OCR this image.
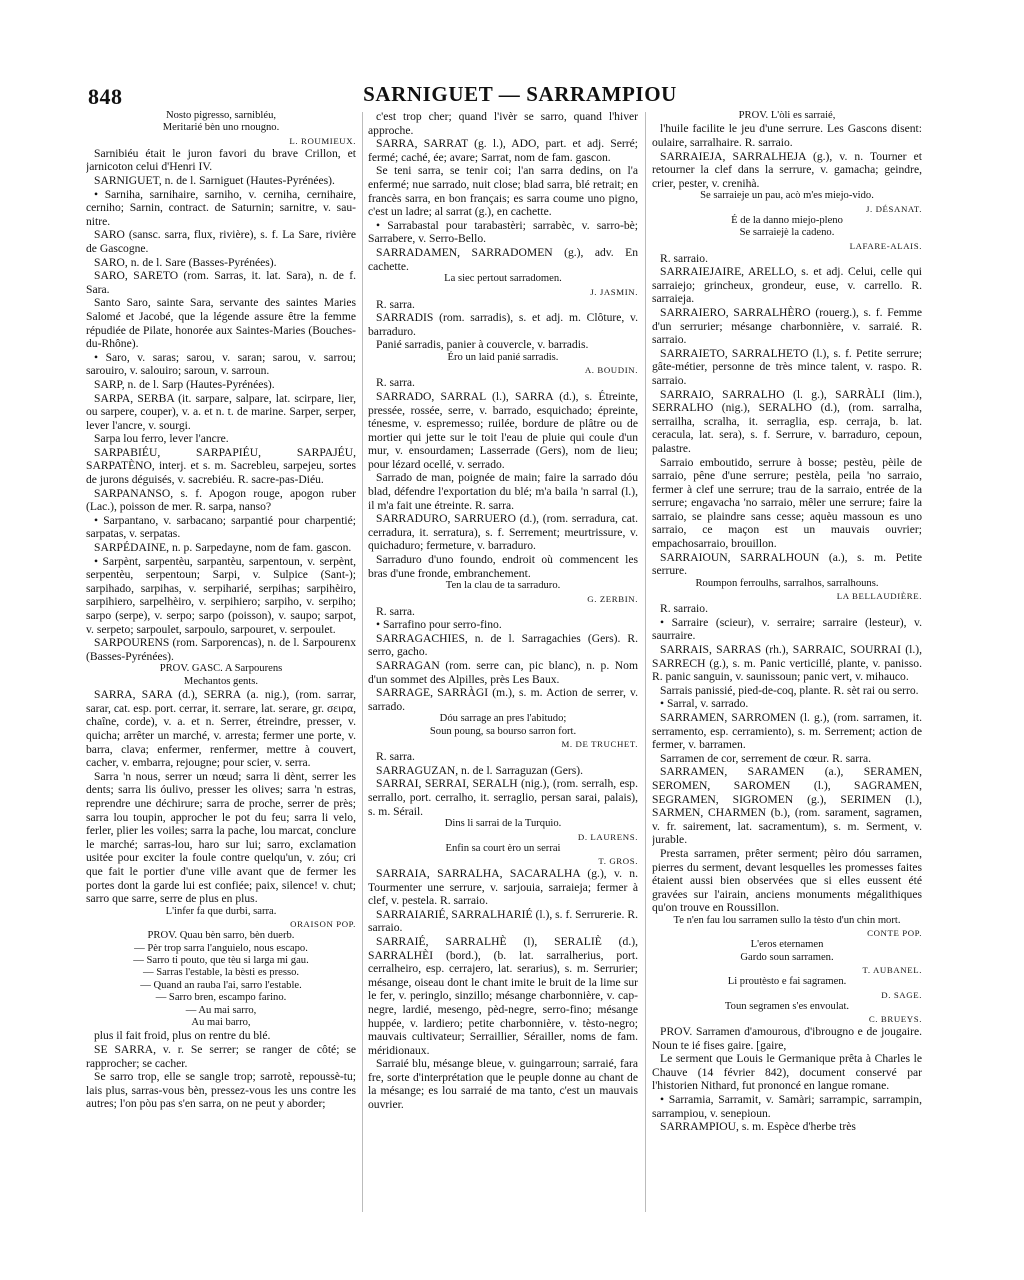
848	SARNIGUET — SARRAMPIOU

Nosto pigresso, sarnibléu,

Meritarié bèn uno rnougno.

L. ROUMIEUX.

Sarnibiéu était le juron favori du brave Crillon, et jarnicoton celui d'Henri IV.

SARNIGUET, n. de l. Sarniguet (Hautes-Pyrénées).

• Sarniha, sarnihaire, sarniho, v. cerniha, cernihaire, cerniho; Sarnin, contract. de Saturnin; sarnitre, v. sau-nitre.

SARO (sansc. sarra, flux, rivière), s. f. La Sare, rivière de Gascogne.

SARO, n. de l. Sare (Basses-Pyrénées).

SARO, SARETO (rom. Sarras, it. lat. Sara), n. de f. Sara.

Santo Saro, sainte Sara, servante des saintes Maries Salomé et Jacobé, que la légende assure être la femme répudiée de Pilate, honorée aux Saintes-Maries (Bouches-du-Rhône).

• Saro, v. saras; sarou, v. saran; sarou, v. sarrou; sarouiro, v. salouiro; saroun, v. sarroun.

SARP, n. de l. Sarp (Hautes-Pyrénées).

SARPA, SERBA (it. sarpare, salpare, lat. scirpare, lier, ou sarpere, couper), v. a. et n. t. de marine. Sarper, serper, lever l'ancre, v. sourgi.

Sarpa lou ferro, lever l'ancre.

SARPABIÉU, SARPAPIÉU, SARPAJÉU, SARPATÈNO, interj. et s. m. Sacrebleu, sarpejeu, sortes de jurons déguisés, v. sacrebiéu. R. sacre-pas-Diéu.

SARPANANSO, s. f. Apogon rouge, apogon ruber (Lac.), poisson de mer. R. sarpa, nanso?

• Sarpantano, v. sarbacano; sarpantié pour charpentié; sarpatas, v. serpatas.

SARPÉDAINE, n. p. Sarpedayne, nom de fam. gascon.

• Sarpènt, sarpentèu, sarpantèu, sarpentoun, v. serpènt, serpentèu, serpentoun; Sarpi, v. Sulpice (Sant-); sarpihado, sarpihas, v. serpiharié, serpihas; sarpihèiro, sarpihiero, sarpelhèiro, v. serpihiero; sarpiho, v. serpiho; sarpo (serpe), v. serpo; sarpo (poisson), v. saupo; sarpot, v. serpeto; sarpoulet, sarpoulo, sarpouret, v. serpoulet.

SARPOURENS (rom. Sarporencas), n. de l. Sarpourenx (Basses-Pyrénées).

PROV. GASC. A Sarpourens

Mechantos gents.

SARRA, SARA (d.), SERRA (a. nig.), (rom. sarrar, sarar, cat. esp. port. cerrar, it. serrare, lat. serare, gr. σειρα, chaîne, corde), v. a. et n. Serrer, étreindre, presser, v. quicha; arrêter un marché, v. arresta; fermer une porte, v. barra, clava; enfermer, renfermer, mettre à couvert, cacher, v. embarra, rejougne; pour scier, v. serra.

Sarra 'n nous, serrer un nœud; sarra li dènt, serrer les dents; sarra lis óulivo, presser les olives; sarra 'n estras, reprendre une déchirure; sarra de proche, serrer de près; sarra lou toupin, approcher le pot du feu; sarra li velo, ferler, plier les voiles; sarra la pache, lou marcat, conclure le marché; sarras-lou, haro sur lui; sarro, exclamation usitée pour exciter la foule contre quelqu'un, v. zóu; cri que fait le portier d'une ville avant que de fermer les portes dont la garde lui est confiée; paix, silence! v. chut; sarro que sarre, serre de plus en plus.

L'infer fa que durbi, sarra.

ORAISON POP.

PROV. Quau bèn sarro, bèn duerb.

— Pèr trop sarra l'anguielo, nous escapo.

— Sarro ti pouto, que tèu si larga mi gau.

— Sarras l'estable, la bèsti es presso.

— Quand an rauba l'ai, sarro l'estable.

— Sarro bren, escampo farino.

— Au mai sarro,

Au mai barro,

plus il fait froid, plus on rentre du blé.

SE SARRA, v. r. Se serrer; se ranger de côté; se rapprocher; se cacher.

Se sarro trop, elle se sangle trop; sarrotè, repoussè-tu; lais plus, sarras-vous bèn, pressez-vous les uns contre les autres; l'on pòu pas s'en sarra, on ne peut y aborder;

c'est trop cher; quand l'ivèr se sarro, quand l'hiver approche.

SARRA, SARRAT (g. l.), ADO, part. et adj. Serré; fermé; caché, ée; avare; Sarrat, nom de fam. gascon.

Se teni sarra, se tenir coi; l'an sarra dedins, on l'a enfermé; nue sarrado, nuit close; blad sarra, blé retrait; en francès sarra, en bon français; es sarra coume uno pigno, c'est un ladre; al sarrat (g.), en cachette.

• Sarrabastal pour tarabastèri; sarrabèc, v. sarro-bè; Sarrabere, v. Serro-Bello.

SARRADAMEN, SARRADOMEN (g.), adv. En cachette.

La siec pertout sarradomen.

J. JASMIN.

R. sarra.

SARRADIS (rom. sarradis), s. et adj. m. Clôture, v. barraduro.

Panié sarradis, panier à couvercle, v. barradis.

Éro un laid panié sarradis.

A. BOUDIN.

R. sarra.

SARRADO, SARRAL (l.), SARRA (d.), s. Étreinte, pressée, rossée, serre, v. barrado, esquichado; épreinte, ténesme, v. espremesso; ruilée, bordure de plâtre ou de mortier qui jette sur le toit l'eau de pluie qui coule d'un mur, v. ensourdamen; Lasserrade (Gers), nom de lieu; pour lézard ocellé, v. serrado.

Sarrado de man, poignée de main; faire la sarrado dóu blad, défendre l'exportation du blé; m'a baila 'n sarral (l.), il m'a fait une étreinte. R. sarra.

SARRADURO, SARRUERO (d.), (rom. serradura, cat. cerradura, it. serratura), s. f. Serrement; meurtrissure, v. quichaduro; fermeture, v. barraduro.

Sarraduro d'uno foundo, endroit où commencent les bras d'une fronde, embranchement.

Ten la clau de ta sarraduro.

G. ZERBIN.

R. sarra.

• Sarrafino pour serro-fino.

SARRAGACHIES, n. de l. Sarragachies (Gers). R. serro, gacho.

SARRAGAN (rom. serre can, pic blanc), n. p. Nom d'un sommet des Alpilles, près Les Baux.

SARRAGE, SARRÀGI (m.), s. m. Action de serrer, v. sarrado.

Dóu sarrage an pres l'abitudo;

Soun poung, sa bourso sarron fort.

M. DE TRUCHET.

R. sarra.

SARRAGUZAN, n. de l. Sarraguzan (Gers).

SARRAI, SERRAI, SERALH (nig.), (rom. serralh, esp. serrallo, port. cerralho, it. serraglio, persan sarai, palais), s. m. Sérail.

Dins li sarrai de la Turquìo.

D. LAURENS.

Enfin sa court èro un serrai

T. GROS.

SARRAIA, SARRALHA, SACARALHA (g.), v. n. Tourmenter une serrure, v. sarjouia, sarraieja; fermer à clef, v. pestela. R. sarraio.

SARRAIARIÉ, SARRALHARIÉ (l.), s. f. Serrurerie. R. sarraio.

SARRAIÉ, SARRALHÈ (l), SERALIÈ (d.), SARRALHÈI (bord.), (b. lat. sarralherius, port. cerralheiro, esp. cerrajero, lat. serarius), s. m. Serrurier; mésange, oiseau dont le chant imite le bruit de la lime sur le fer, v. peringlo, sinzillo; mésange charbonnière, v. cap-negre, lardié, mesengo, pèd-negre, serro-fino; mésange huppée, v. lardiero; petite charbonnière, v. tèsto-negro; mauvais cultivateur; Serraillier, Sérailler, noms de fam. méridionaux.

Sarraié blu, mésange bleue, v. guingarroun; sarraié, fara fre, sorte d'interprétation que le peuple donne au chant de la mésange; es lou sarraié de ma tanto, c'est un mauvais ouvrier.

PROV. L'òli es sarraié,

l'huile facilite le jeu d'une serrure. Les Gascons disent: oulaire, sarralhaire. R. sarraio.

SARRAIEJA, SARRALHEJA (g.), v. n. Tourner et retourner la clef dans la serrure, v. gamacha; geindre, crier, pester, v. crenihà.

Se sarraieje un pau, acò m'es miejo-vido.

J. DÉSANAT.

É de la danno miejo-pleno

Se sarraiejè la cadeno.

LAFARE-ALAIS.

R. sarraio.

SARRAIEJAIRE, ARELLO, s. et adj. Celui, celle qui sarraiejo; grincheux, grondeur, euse, v. carrello. R. sarraieja.

SARRAIERO, SARRALHÈRO (rouerg.), s. f. Femme d'un serrurier; mésange charbonnière, v. sarraié. R. sarraio.

SARRAIETO, SARRALHETO (l.), s. f. Petite serrure; gâte-métier, personne de très mince talent, v. raspo. R. sarraio.

SARRAIO, SARRALHO (l. g.), SARRÀLI (lim.), SERRALHO (nig.), SERALHO (d.), (rom. sarralha, serrailha, scralha, it. serraglia, esp. cerraja, b. lat. ceracula, lat. sera), s. f. Serrure, v. barraduro, cepoun, palastre.

Sarraio emboutido, serrure à bosse; pestèu, pèile de sarraio, pêne d'une serrure; pestèla, peila 'no sarraio, fermer à clef une serrure; trau de la sarraio, entrée de la serrure; engavacha 'no sarraio, mêler une serrure; faire la sarraio, se plaindre sans cesse; aquèu massoun es uno sarraio, ce maçon est un mauvais ouvrier; empachosarraio, brouillon.

SARRAIOUN, SARRALHOUN (a.), s. m. Petite serrure.

Roumpon ferroulhs, sarralhos, sarralhouns.

LA BELLAUDIÈRE.

R. sarraio.

• Sarraire (scieur), v. serraire; sarraire (lesteur), v. saurraire.

SARRAIS, SARRAS (rh.), SARRAIC, SOURRAI (l.), SARRECH (g.), s. m. Panic verticillé, plante, v. panisso. R. panic sanguin, v. saunissoun; panic vert, v. mihauco.

Sarrais panissié, pied-de-coq, plante. R. sèt rai ou serro.

• Sarral, v. sarrado.

SARRAMEN, SARROMEN (l. g.), (rom. sarramen, it. serramento, esp. cerramiento), s. m. Serrement; action de fermer, v. barramen.

Sarramen de cor, serrement de cœur. R. sarra.

SARRAMEN, SARAMEN (a.), SERAMEN, SEROMEN, SAROMEN (l.), SAGRAMEN, SEGRAMEN, SIGROMEN (g.), SERIMEN (l.), SARMEN, CHARMEN (b.), (rom. sarament, sagramen, v. fr. sairement, lat. sacramentum), s. m. Serment, v. jurable.

Presta sarramen, prêter serment; pèiro dóu sarramen, pierres du serment, devant lesquelles les promesses faites étaient aussi bien observées que si elles eussent été gravées sur l'airain, anciens monuments mégalithiques qu'on trouve en Roussillon.

Te n'en fau lou sarramen sullo la tèsto d'un chin mort.

CONTE POP.

L'eros eternamen

Gardo soun sarramen.

T. AUBANEL.

Li proutèsto e fai sagramen.

D. SAGE.

Toun segramen s'es envoulat.

C. BRUEYS.

PROV. Sarramen d'amourous, d'ibrougno e de jougaire. Noun te ié fises gaire. [gaire,

Le serment que Louis le Germanique prêta à Charles le Chauve (14 février 842), document conservé par l'historien Nithard, fut prononcé en langue romane.

• Sarramia, Sarramit, v. Samàri; sarrampic, sarrampin, sarrampiou, v. senepioun.

SARRAMPIOU, s. m. Espèce d'herbe très
